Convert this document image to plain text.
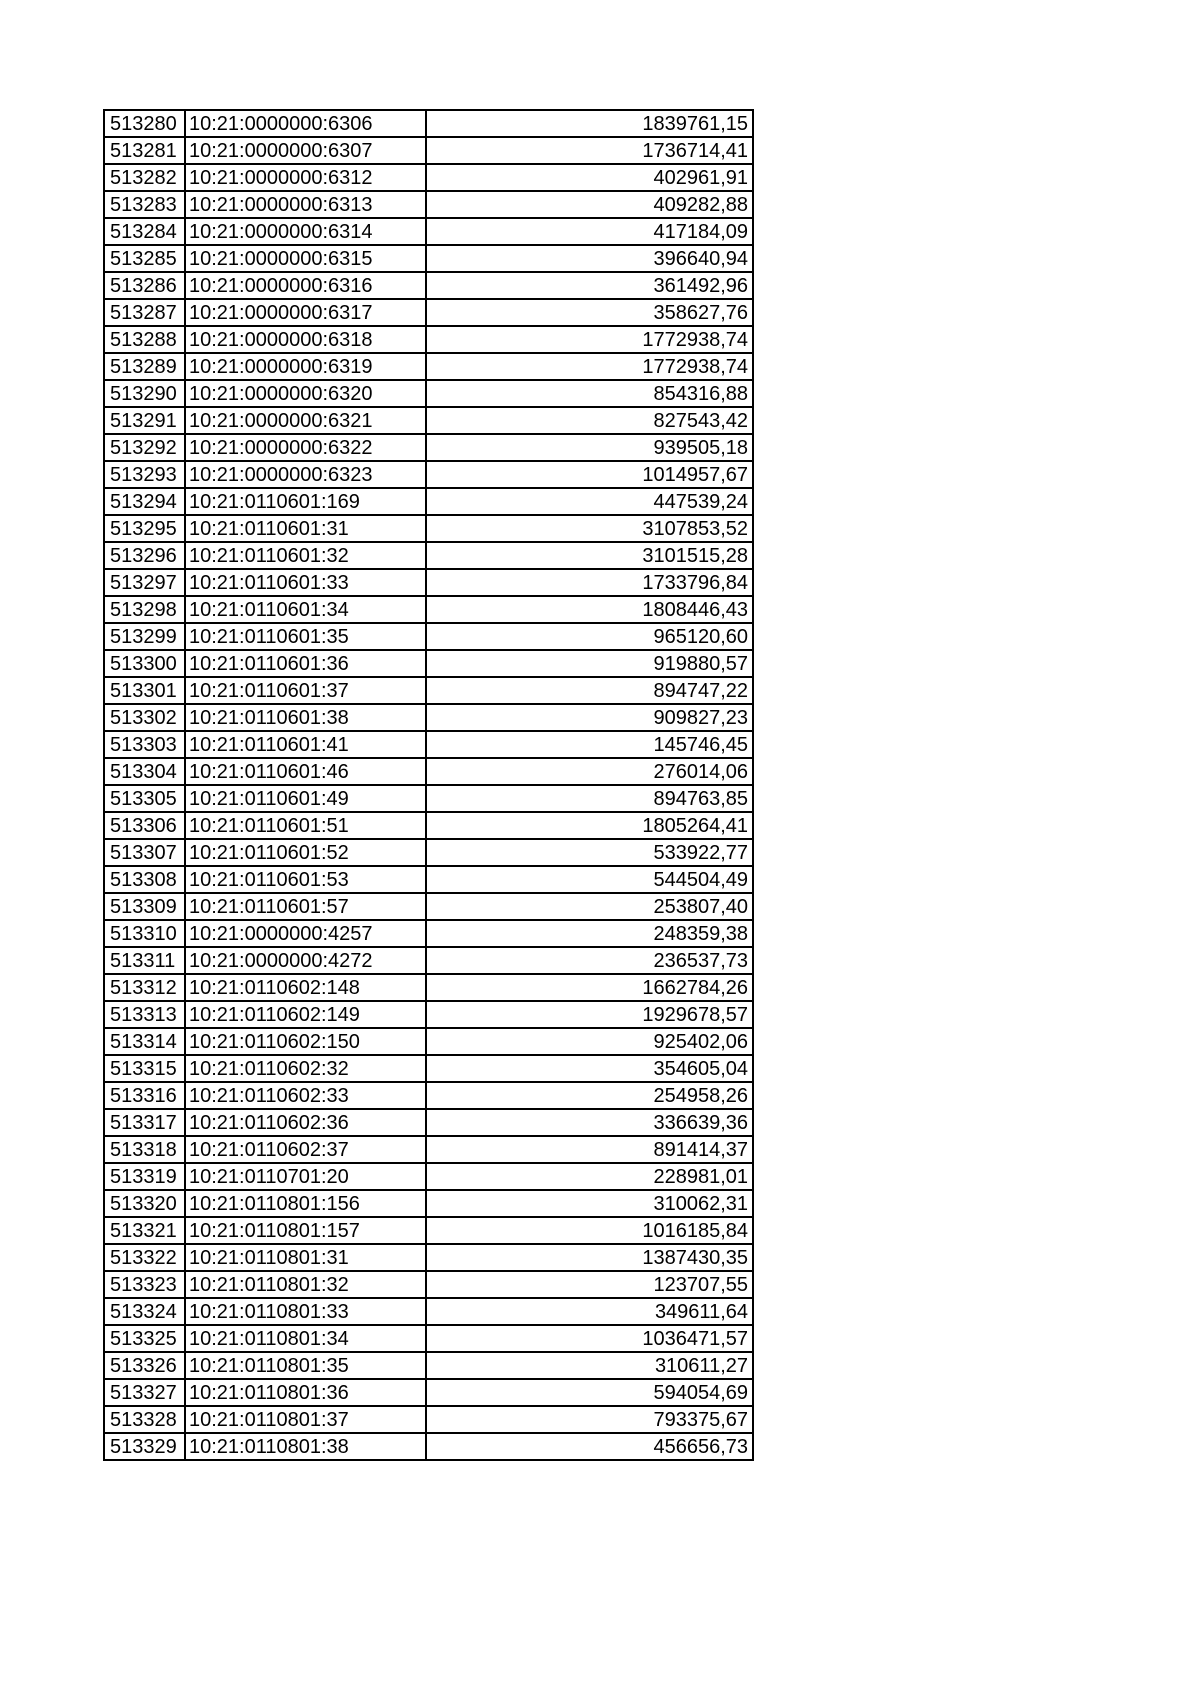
513280	10:21:0000000:6306	1839761,15
513281	10:21:0000000:6307	1736714,41
513282	10:21:0000000:6312	402961,91
513283	10:21:0000000:6313	409282,88
513284	10:21:0000000:6314	417184,09
513285	10:21:0000000:6315	396640,94
513286	10:21:0000000:6316	361492,96
513287	10:21:0000000:6317	358627,76
513288	10:21:0000000:6318	1772938,74
513289	10:21:0000000:6319	1772938,74
513290	10:21:0000000:6320	854316,88
513291	10:21:0000000:6321	827543,42
513292	10:21:0000000:6322	939505,18
513293	10:21:0000000:6323	1014957,67
513294	10:21:0110601:169	447539,24
513295	10:21:0110601:31	3107853,52
513296	10:21:0110601:32	3101515,28
513297	10:21:0110601:33	1733796,84
513298	10:21:0110601:34	1808446,43
513299	10:21:0110601:35	965120,60
513300	10:21:0110601:36	919880,57
513301	10:21:0110601:37	894747,22
513302	10:21:0110601:38	909827,23
513303	10:21:0110601:41	145746,45
513304	10:21:0110601:46	276014,06
513305	10:21:0110601:49	894763,85
513306	10:21:0110601:51	1805264,41
513307	10:21:0110601:52	533922,77
513308	10:21:0110601:53	544504,49
513309	10:21:0110601:57	253807,40
513310	10:21:0000000:4257	248359,38
513311	10:21:0000000:4272	236537,73
513312	10:21:0110602:148	1662784,26
513313	10:21:0110602:149	1929678,57
513314	10:21:0110602:150	925402,06
513315	10:21:0110602:32	354605,04
513316	10:21:0110602:33	254958,26
513317	10:21:0110602:36	336639,36
513318	10:21:0110602:37	891414,37
513319	10:21:0110701:20	228981,01
513320	10:21:0110801:156	310062,31
513321	10:21:0110801:157	1016185,84
513322	10:21:0110801:31	1387430,35
513323	10:21:0110801:32	123707,55
513324	10:21:0110801:33	349611,64
513325	10:21:0110801:34	1036471,57
513326	10:21:0110801:35	310611,27
513327	10:21:0110801:36	594054,69
513328	10:21:0110801:37	793375,67
513329	10:21:0110801:38	456656,73
